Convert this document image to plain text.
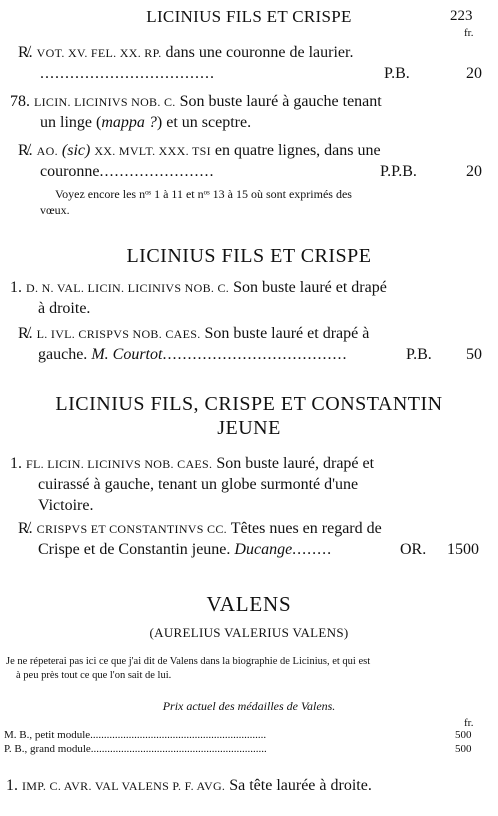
LICINIUS FILS ET CRISPE	223
fr.
R̸. VOT. XV. FEL. XX. RP. dans une couronne de laurier.
...................................	P.B.	20
78. LICIN. LICINIVS NOB. C. Son buste lauré à gauche tenant
un linge (mappa ?) et un sceptre.
R̸. AO. (sic) XX. MVLT. XXX. TSI en quatre lignes, dans une
couronne.......................	P.P.B.	20
Voyez encore les nᵒˢ 1 à 11 et nᵒˢ 13 à 15 où sont exprimés des
vœux.
LICINIUS FILS ET CRISPE
1. D. N. VAL. LICIN. LICINIVS NOB. C. Son buste lauré et drapé
à droite.
R̸. L. IVL. CRISPVS NOB. CAES. Son buste lauré et drapé à
gauche. M. Courtot.....................................	P.B. 50
LICINIUS FILS, CRISPE ET CONSTANTIN
JEUNE
1. FL. LICIN. LICINIVS NOB. CAES. Son buste lauré, drapé et
cuirassé à gauche, tenant un globe surmonté d'une
Victoire.
R̸. CRISPVS ET CONSTANTINVS CC. Têtes nues en regard de
Crispe et de Constantin jeune. Ducange........	OR. 1500
VALENS
(AURELIUS VALERIUS VALENS)
Je ne répeterai pas ici ce que j'ai dit de Valens dans la biographie de Licinius, et qui est
à peu près tout ce que l'on sait de lui.
Prix actuel des médailles de Valens.
fr.
M. B., petit module................................................................	500
P. B., grand module................................................................	500
1. IMP. C. AVR. VAL VALENS P. F. AVG. Sa tête laurée à droite.
